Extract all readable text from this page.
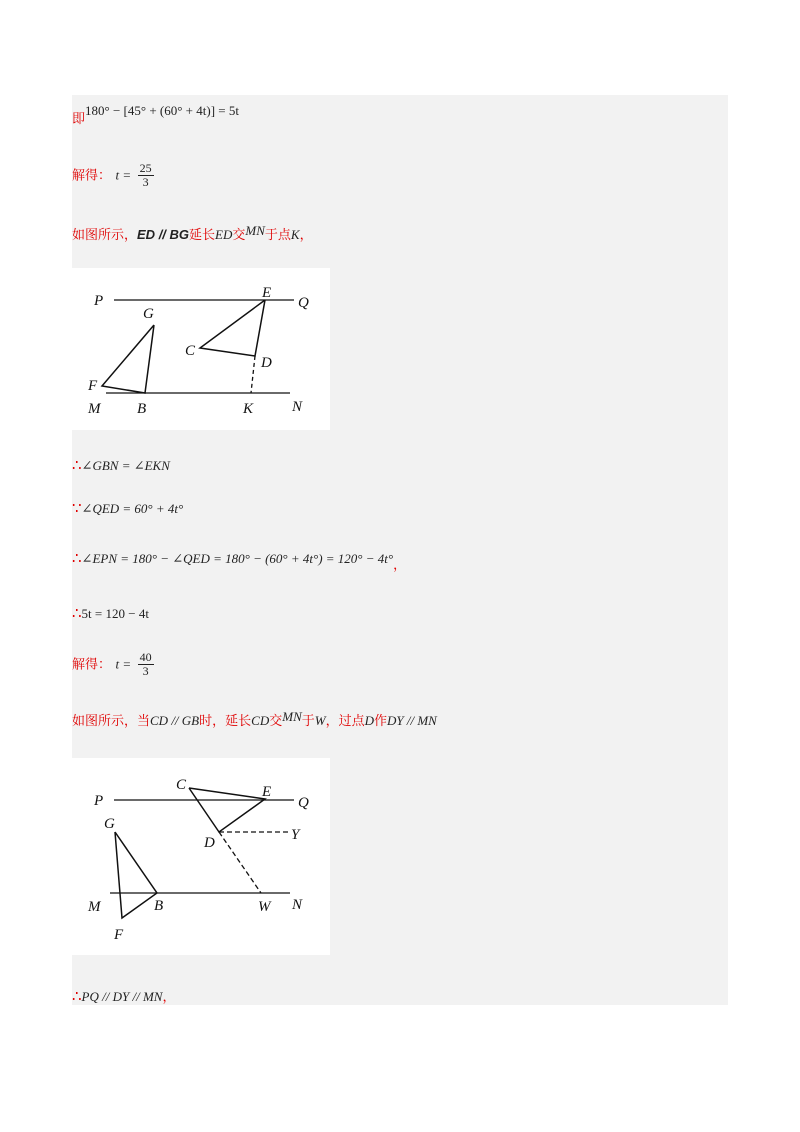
即180° − [45° + (60° + 4t)] = 5t
解得： $t = \frac{25}{3}$
如图所示，ED // BG延长ED交MN于点K，
P	Q
G
E
C
D
F
M B	K	N
∴∠GBN = ∠EKN
∵∠QED = 60° + 4t°
∴∠EPN = 180° − ∠QED = 180° − (60° + 4t°) = 120° − 4t°，
∴5t = 120 − 4t
解得： $t = \frac{40}{3}$
如图所示，当CD // GB时，延长CD交MN于W，过点D作DY // MN
C	E
P	Q
G
D	Y
M	B	W N
F
∴PQ // DY // MN，
